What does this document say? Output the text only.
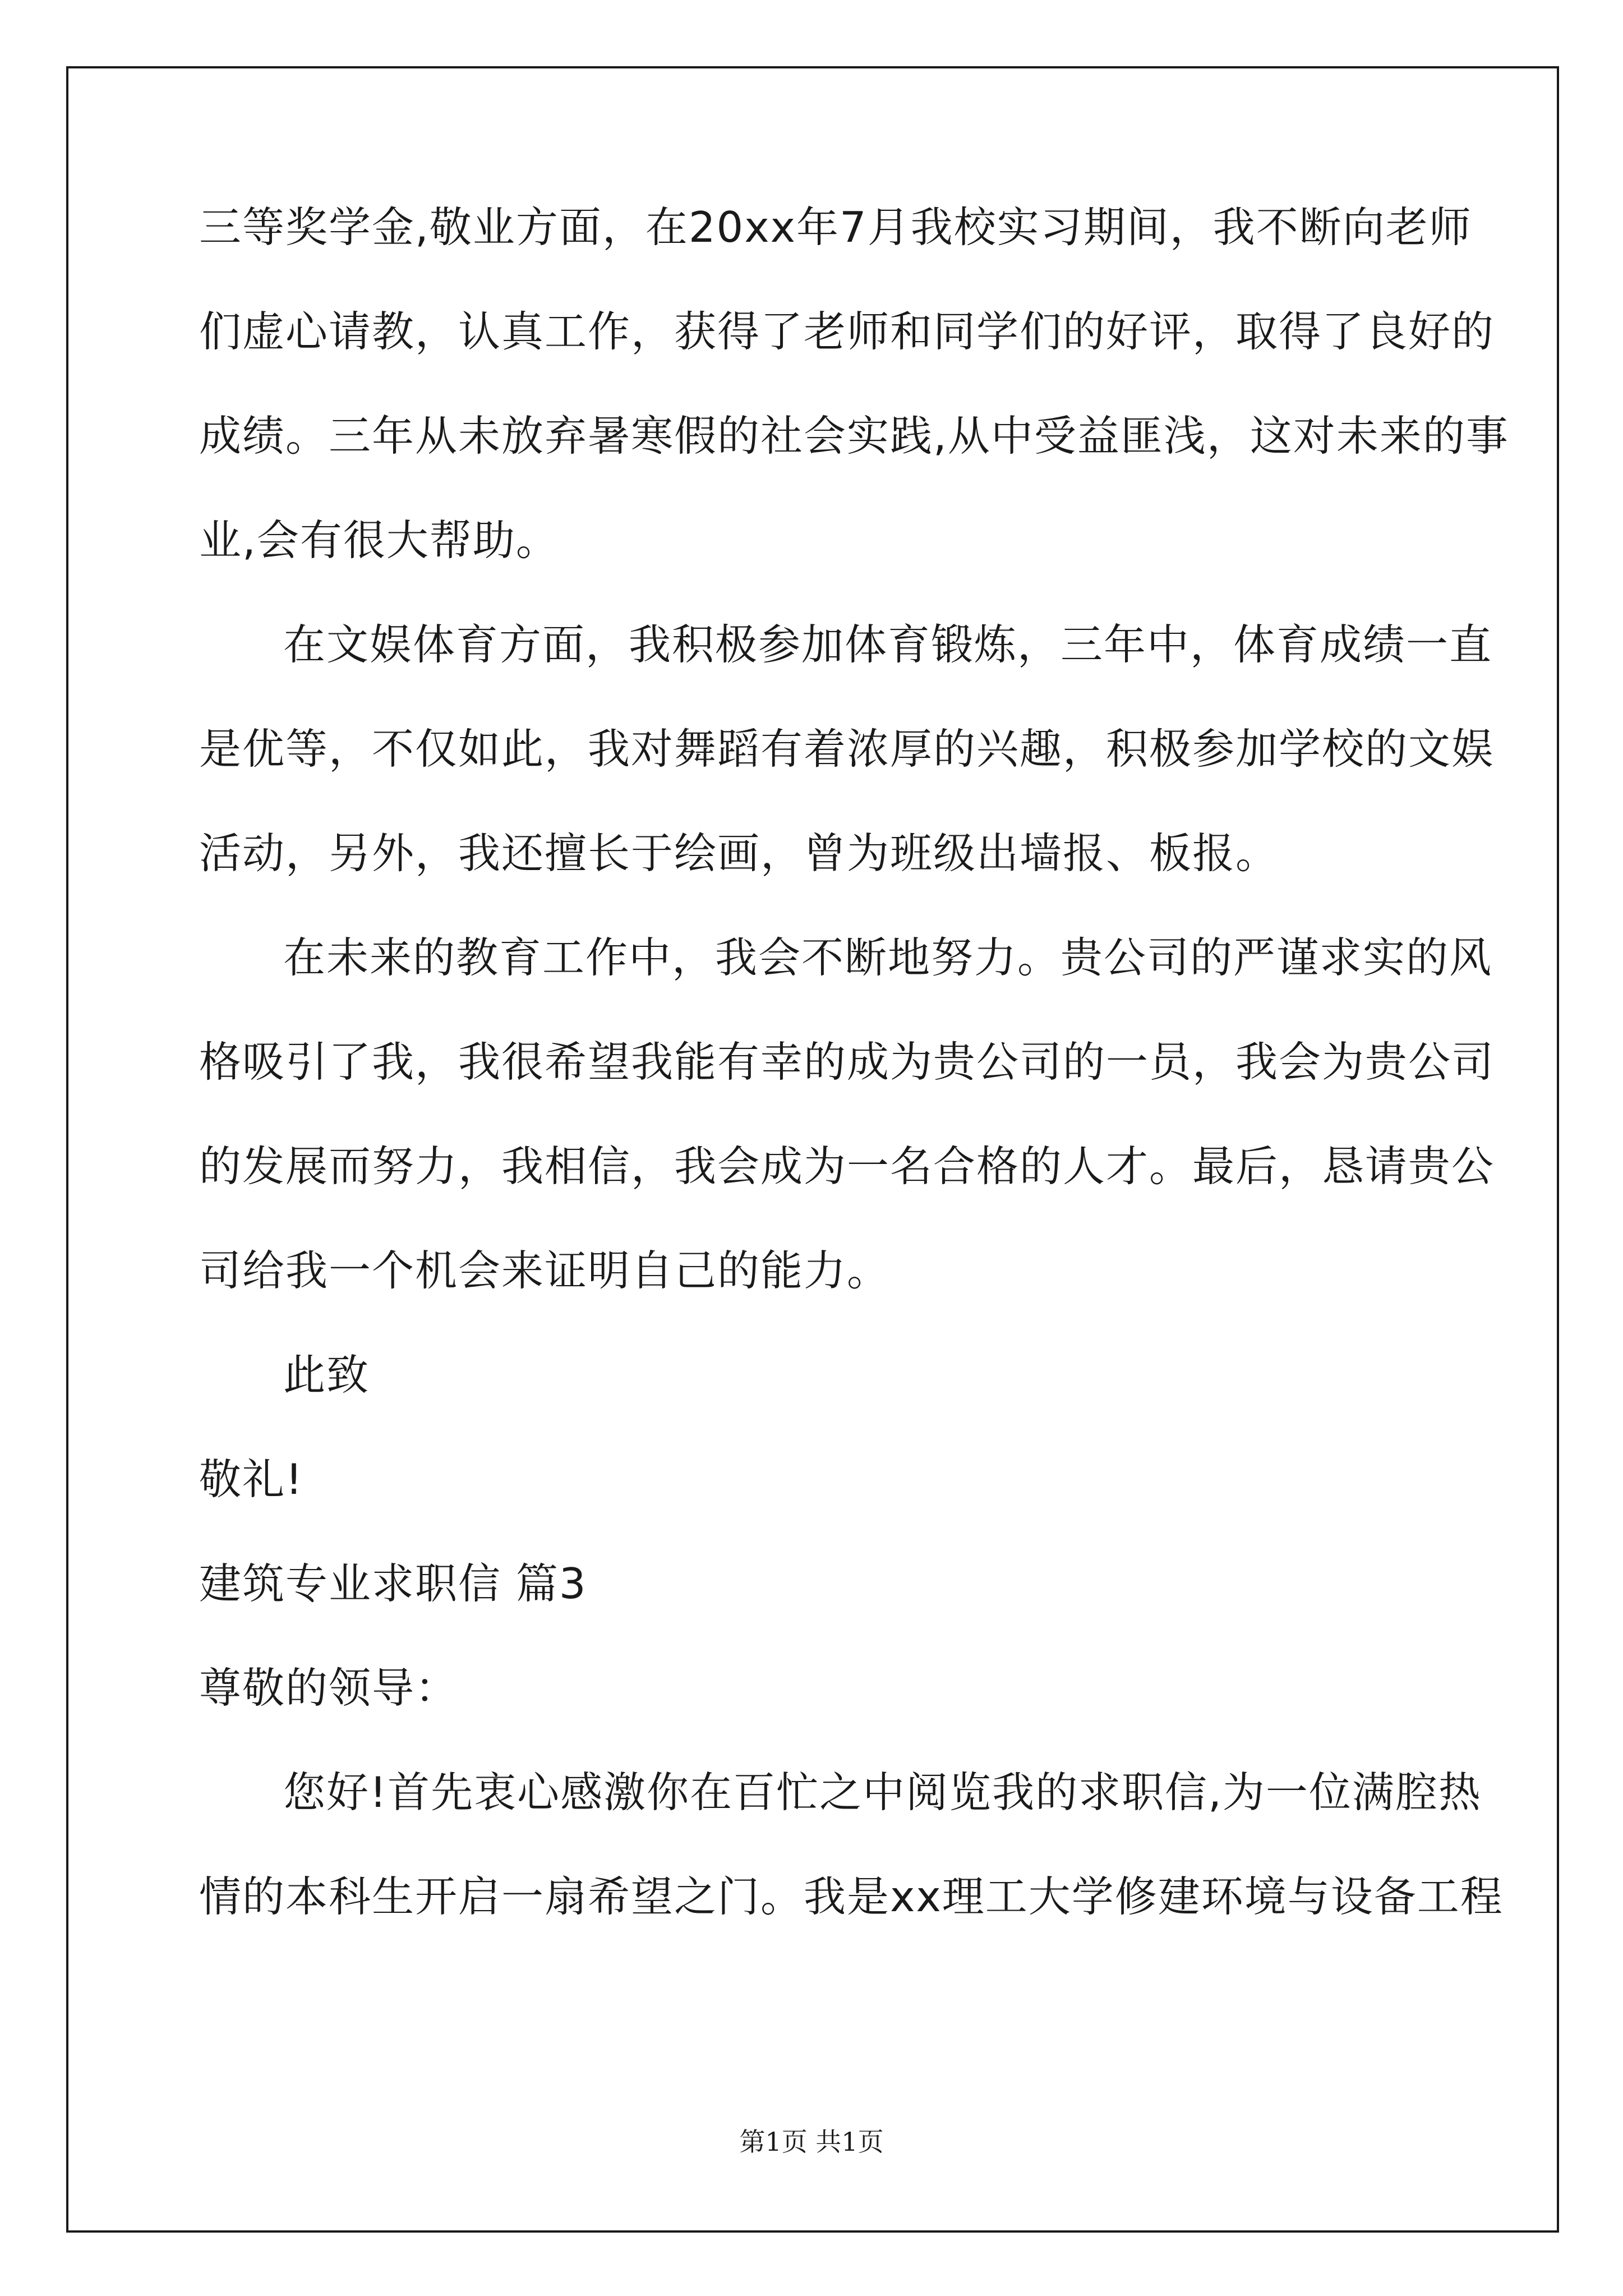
三等奖学金,敬业方面，在20xx年7月我校实习期间，我不断向老师
们虚心请教，认真工作，获得了老师和同学们的好评，取得了良好的
成绩。三年从未放弃暑寒假的社会实践,从中受益匪浅，这对未来的事
业,会有很大帮助。
在文娱体育方面，我积极参加体育锻炼，三年中，体育成绩一直
是优等，不仅如此，我对舞蹈有着浓厚的兴趣，积极参加学校的文娱
活动，另外，我还擅长于绘画，曾为班级出墙报、板报。
在未来的教育工作中，我会不断地努力。贵公司的严谨求实的风
格吸引了我，我很希望我能有幸的成为贵公司的一员，我会为贵公司
的发展而努力，我相信，我会成为一名合格的人才。最后，恳请贵公
司给我一个机会来证明自己的能力。
此致
敬礼!
建筑专业求职信 篇3
尊敬的领导：
您好!首先衷心感激你在百忙之中阅览我的求职信,为一位满腔热
情的本科生开启一扇希望之门。我是xx理工大学修建环境与设备工程
第1页 共1页
